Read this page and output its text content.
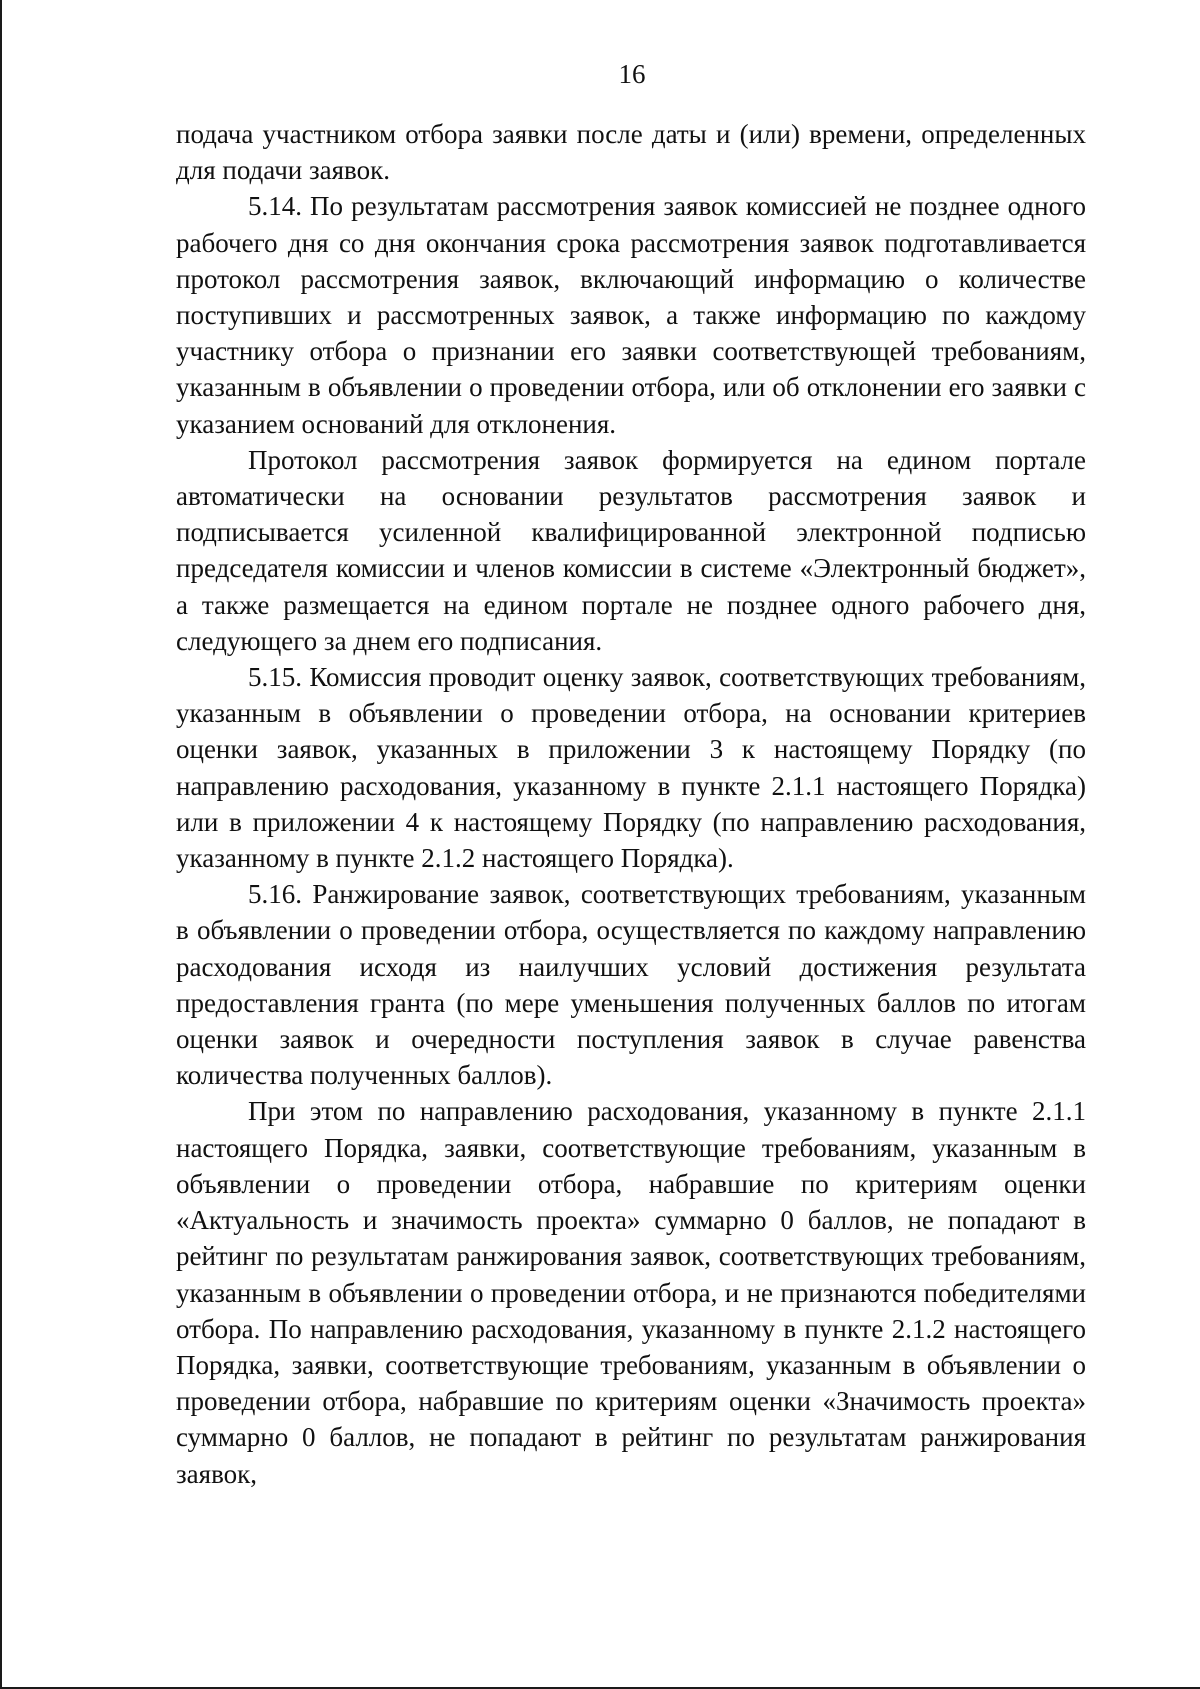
16

подача участником отбора заявки после даты и (или) времени, определенных для подачи заявок.

5.14. По результатам рассмотрения заявок комиссией не позднее одного рабочего дня со дня окончания срока рассмотрения заявок подготавливается протокол рассмотрения заявок, включающий информацию о количестве поступивших и рассмотренных заявок, а также информацию по каждому участнику отбора о признании его заявки соответствующей требованиям, указанным в объявлении о проведении отбора, или об отклонении его заявки с указанием оснований для отклонения.

Протокол рассмотрения заявок формируется на едином портале автоматически на основании результатов рассмотрения заявок и подписывается усиленной квалифицированной электронной подписью председателя комиссии и членов комиссии в системе «Электронный бюджет», а также размещается на едином портале не позднее одного рабочего дня, следующего за днем его подписания.

5.15. Комиссия проводит оценку заявок, соответствующих требованиям, указанным в объявлении о проведении отбора, на основании критериев оценки заявок, указанных в приложении 3 к настоящему Порядку (по направлению расходования, указанному в пункте 2.1.1 настоящего Порядка) или в приложении 4 к настоящему Порядку (по направлению расходования, указанному в пункте 2.1.2 настоящего Порядка).

5.16. Ранжирование заявок, соответствующих требованиям, указанным в объявлении о проведении отбора, осуществляется по каждому направлению расходования исходя из наилучших условий достижения результата предоставления гранта (по мере уменьшения полученных баллов по итогам оценки заявок и очередности поступления заявок в случае равенства количества полученных баллов).

При этом по направлению расходования, указанному в пункте 2.1.1 настоящего Порядка, заявки, соответствующие требованиям, указанным в объявлении о проведении отбора, набравшие по критериям оценки «Актуальность и значимость проекта» суммарно 0 баллов, не попадают в рейтинг по результатам ранжирования заявок, соответствующих требованиям, указанным в объявлении о проведении отбора, и не признаются победителями отбора. По направлению расходования, указанному в пункте 2.1.2 настоящего Порядка, заявки, соответствующие требованиям, указанным в объявлении о проведении отбора, набравшие по критериям оценки «Значимость проекта» суммарно 0 баллов, не попадают в рейтинг по результатам ранжирования заявок,
